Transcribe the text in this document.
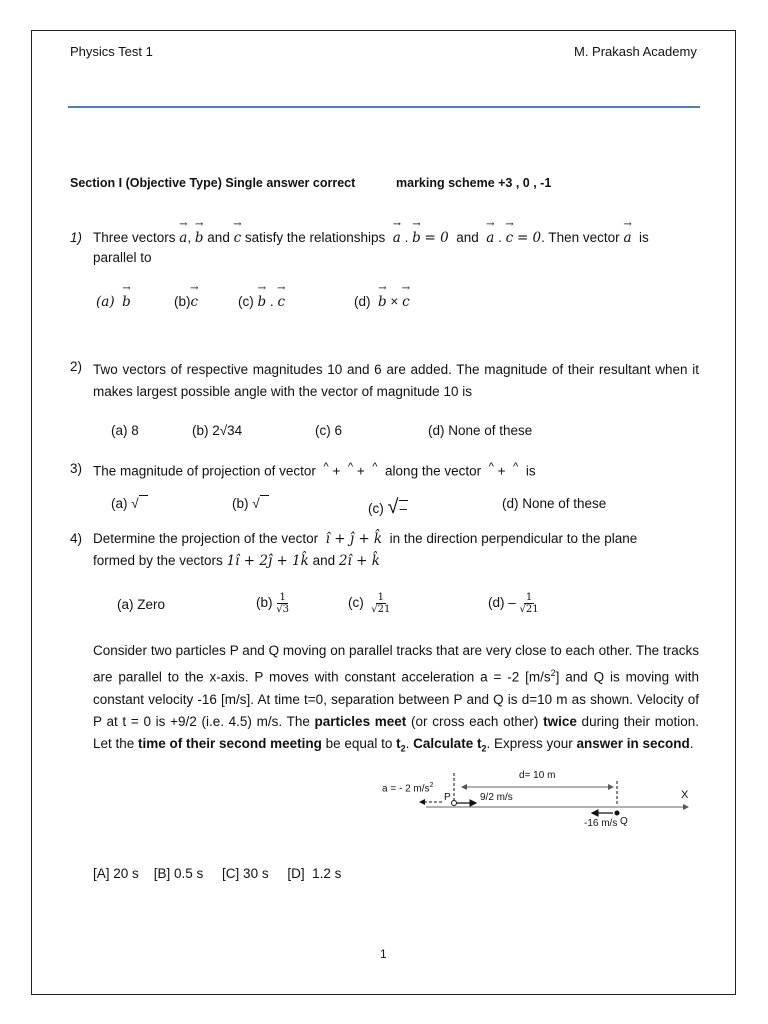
Physics Test 1	M. Prakash Academy
Section I (Objective Type) Single answer correct	marking scheme +3 , 0 , -1
1) Three vectors → a, → b and → c satisfy the relationships → a . → b = 0 and → a . → c = 0. Then vector → a is
parallel to
(a) → b	(b)→ c	(c) → b . → c	(d) → b × → c
2) Two vectors of respective magnitudes 10 and 6 are added. The magnitude of their resultant when it makes largest possible angle with the vector of magnitude 10 is
(a) 8	(b) 2√34	(c) 6	(d) None of these
3) The magnitude of projection of vector ^ +  ^ +  ^ along the vector ^ +  ^ is
(a) √	(b) √	(c) √–	(d) None of these
4) Determine the projection of the vector î + ĵ + k̂ in the direction perpendicular to the plane
formed by the vectors 1î + 2ĵ + 1k̂ and 2î + k̂
(a) Zero	$(b) \frac{1}{√3}$	$(c) \frac{1}{√21}$	$(d) - \frac{1}{√21}$
Consider two particles P and Q moving on parallel tracks that are very close to each other. The tracks are parallel to the x-axis. P moves with constant acceleration a = -2 $[m/s^2]$ and Q is moving with constant velocity -16 [m/s]. At time t=0, separation between P and Q is d=10 m as shown. Velocity of P at t = 0 is +9/2 (i.e. 4.5) m/s. The particles meet (or cross each other) twice during their motion. Let the time of their second meeting be equal to $t_2$. Calculate $t_2$. Express your answer in second.
a = - 2 $m/s^2$
P	9/2 m/s
d= 10 m
X
-16 m/s Q
[A] 20 s    [B] 0.5 s     [C] 30 s     [D]  1.2 s
1
